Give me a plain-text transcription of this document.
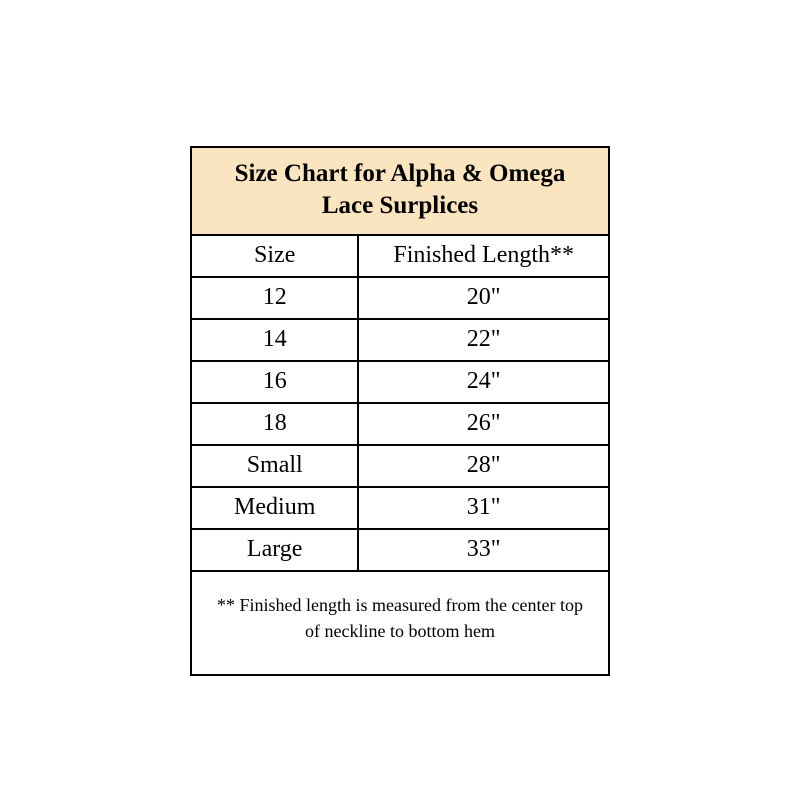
Size Chart for Alpha & Omega
Lace Surplices
Size	Finished Length**
12	20"
14	22"
16	24"
18	26"
Small	28"
Medium	31"
Large	33"
** Finished length is measured from the center top
of neckline to bottom hem
